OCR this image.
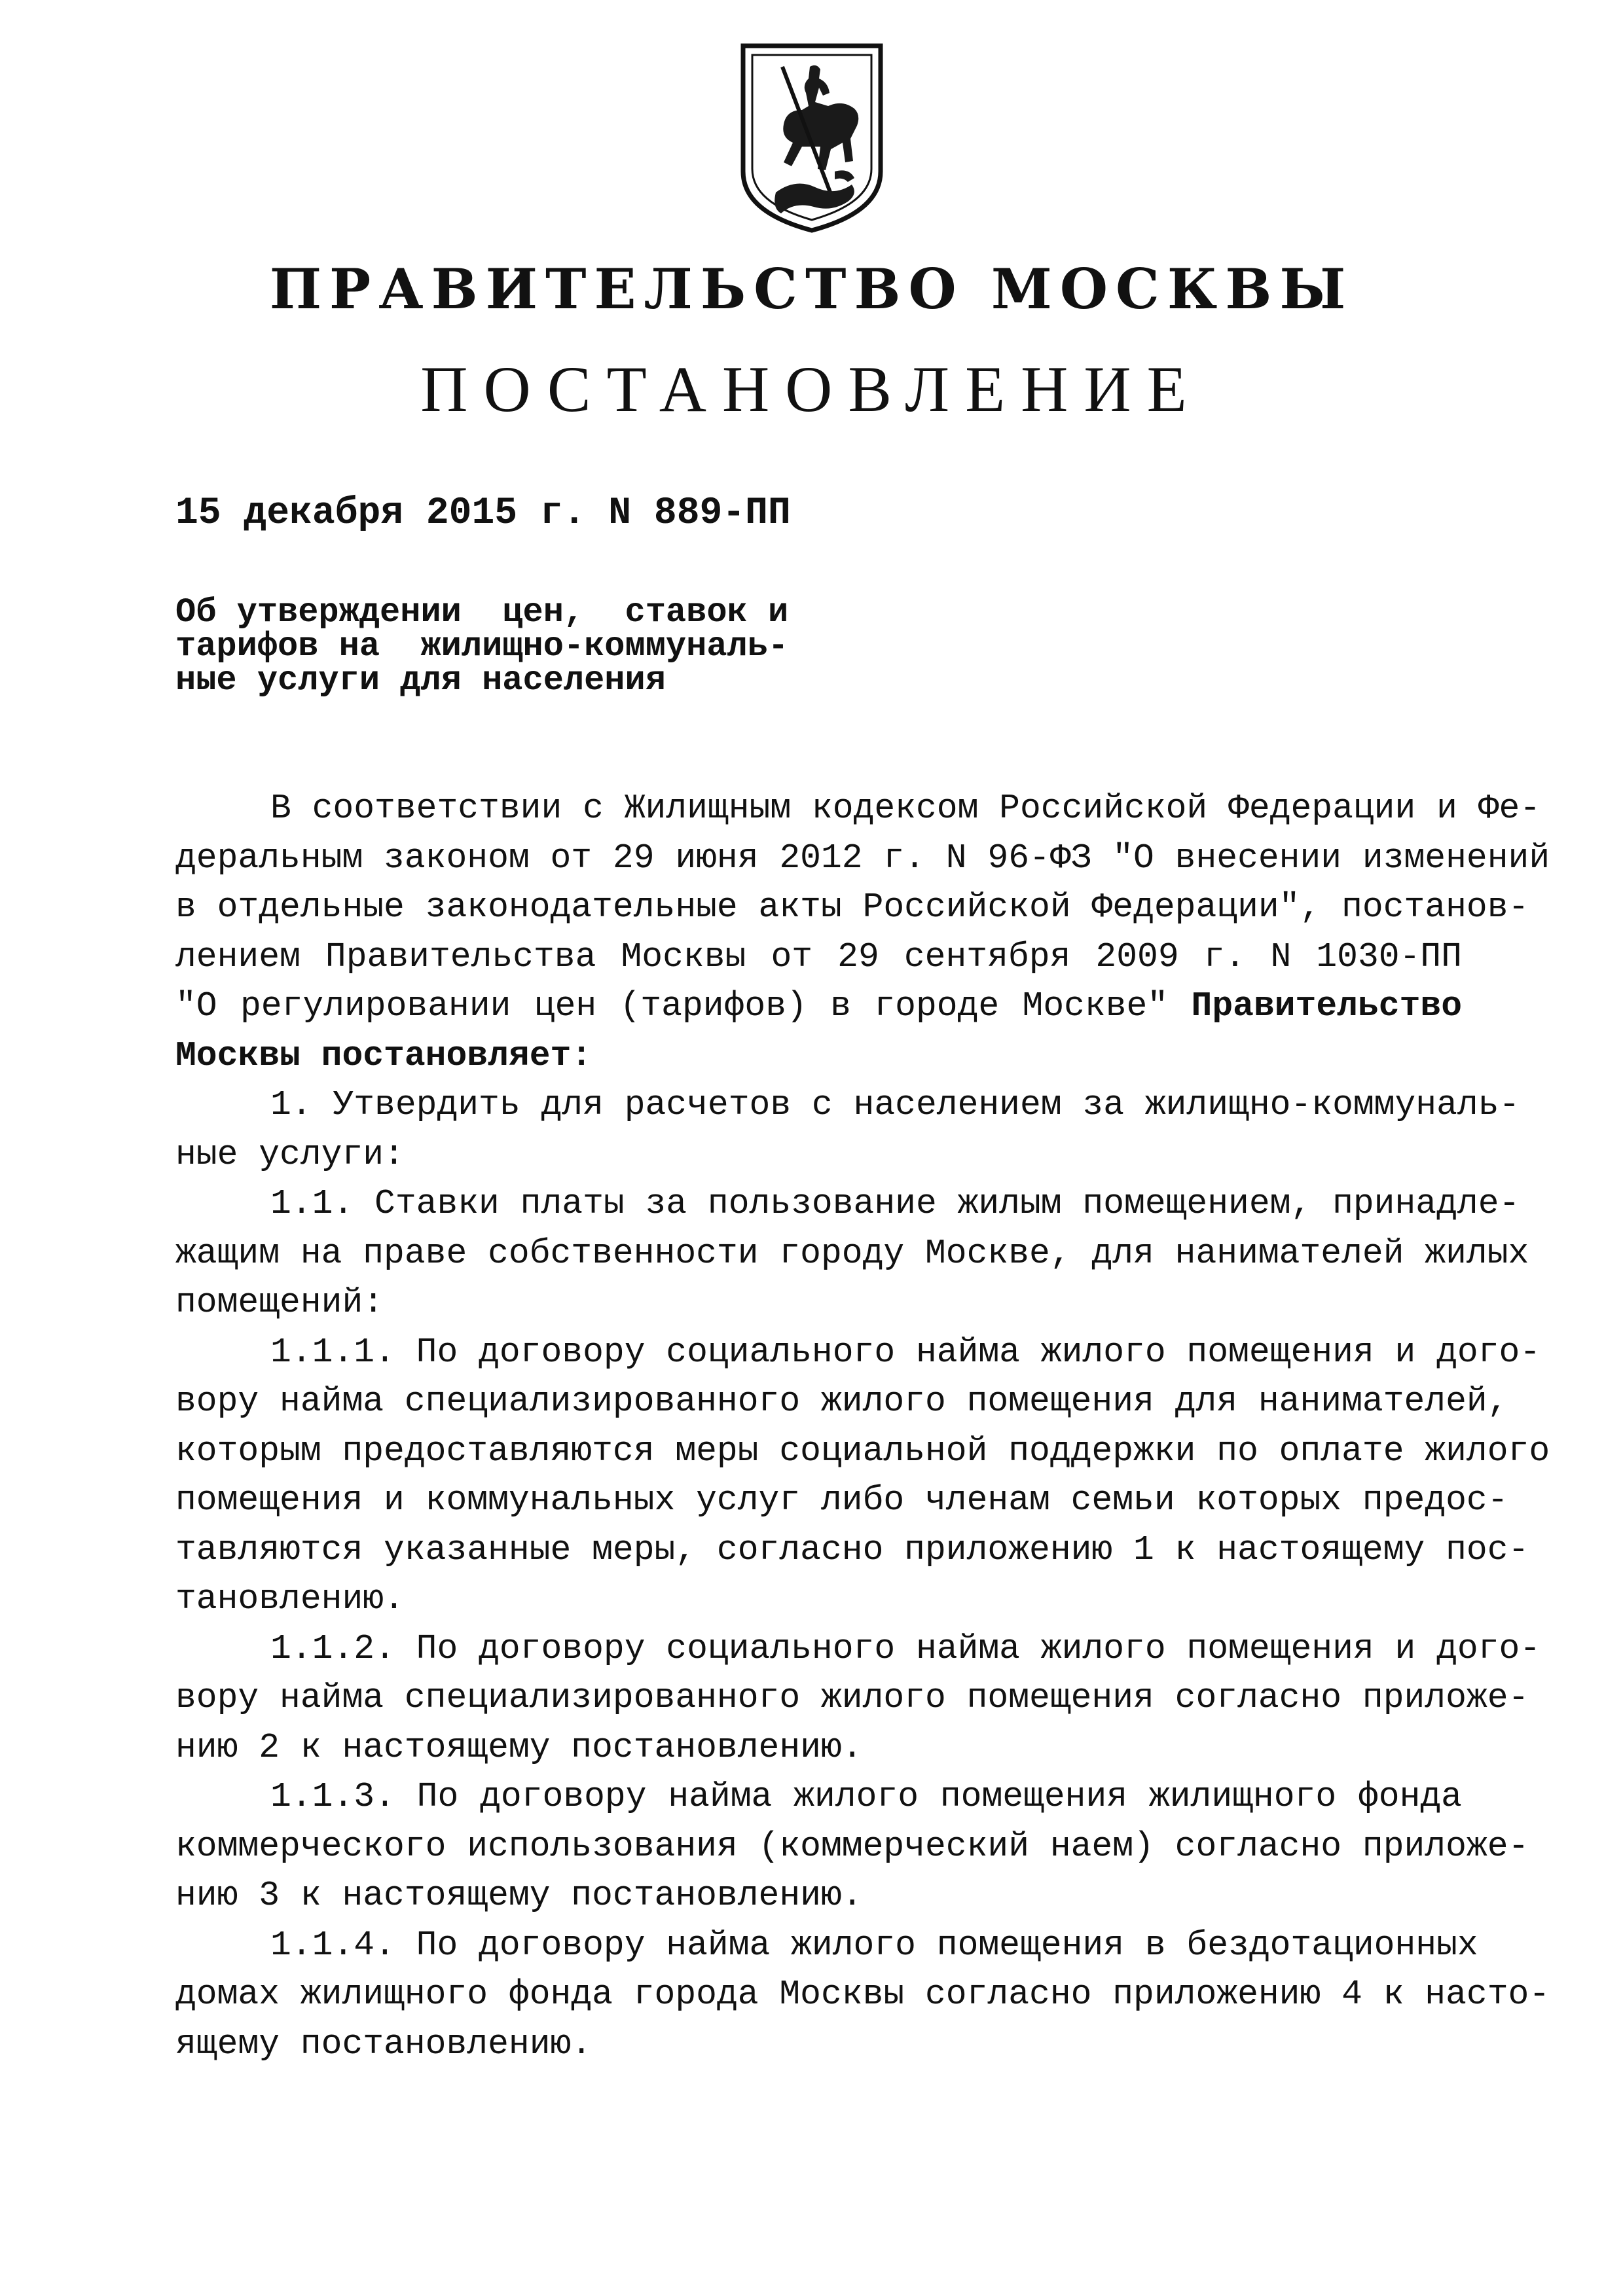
ПРАВИТЕЛЬСТВО МОСКВЫ
ПОСТАНОВЛЕНИЕ
15 декабря 2015 г. N 889-ПП
Об утверждении  цен,  ставок и
тарифов на  жилищно-коммуналь-
ные услуги для населения
В соответствии с Жилищным кодексом Российской Федерации и Фе-
деральным законом от 29 июня 2012 г. N 96-ФЗ "О внесении изменений
в отдельные законодательные акты Российской Федерации", постанов-
лением Правительства Москвы от 29 сентября 2009 г. N 1030-ПП
"О регулировании цен (тарифов) в городе Москве" Правительство
Москвы постановляет:
1. Утвердить для расчетов с населением за жилищно-коммуналь-
ные услуги:
1.1. Ставки платы за пользование жилым помещением, принадле-
жащим на праве собственности городу Москве, для нанимателей жилых
помещений:
1.1.1. По договору социального найма жилого помещения и дого-
вору найма специализированного жилого помещения для нанимателей,
которым предоставляются меры социальной поддержки по оплате жилого
помещения и коммунальных услуг либо членам семьи которых предос-
тавляются указанные меры, согласно приложению 1 к настоящему пос-
тановлению.
1.1.2. По договору социального найма жилого помещения и дого-
вору найма специализированного жилого помещения согласно приложе-
нию 2 к настоящему постановлению.
1.1.3. По договору найма жилого помещения жилищного фонда
коммерческого использования (коммерческий наем) согласно приложе-
нию 3 к настоящему постановлению.
1.1.4. По договору найма жилого помещения в бездотационных
домах жилищного фонда города Москвы согласно приложению 4 к насто-
ящему постановлению.
